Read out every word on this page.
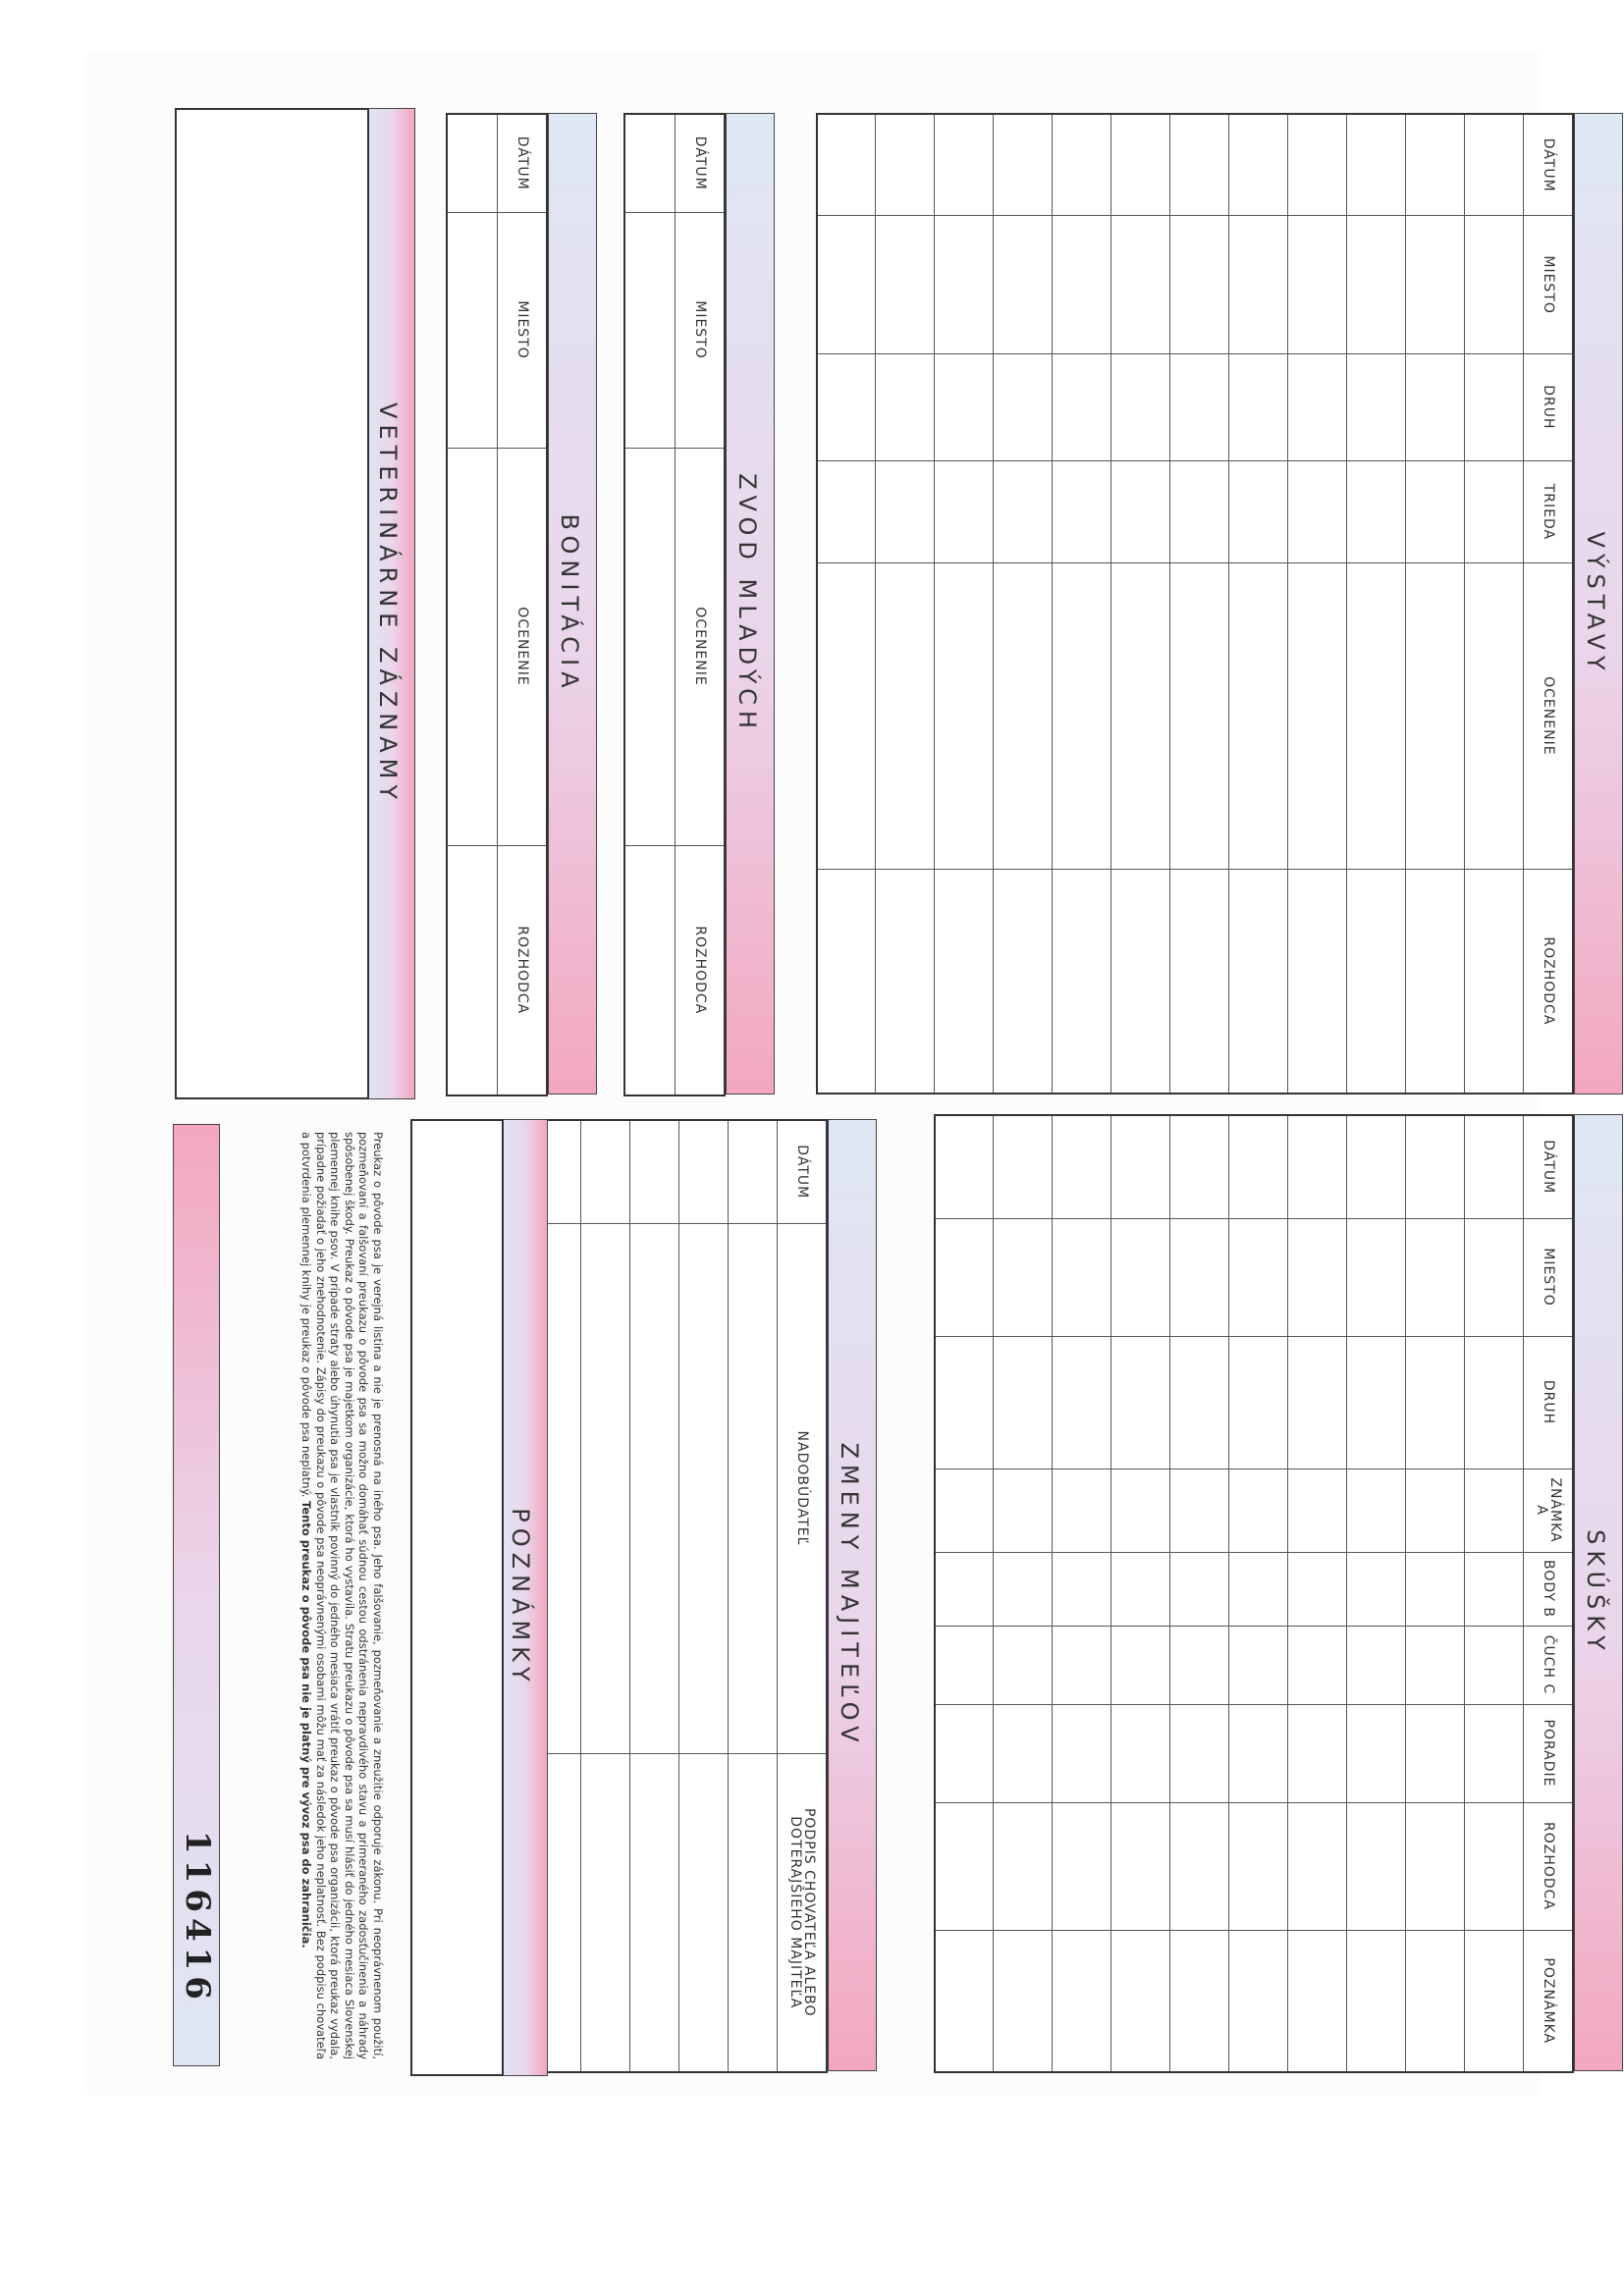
VÝSTAVY
DÁTUM	MIESTO	DRUH	TRIEDA	OCENENIE	ROZHODCA

SKÚŠKY
DÁTUM	MIESTO	DRUH	ZNÁMKA A	BODY B	ČUCH C	PORADIE	ROZHODCA	POZNÁMKA

ZVOD MLADÝCH
DÁTUM	MIESTO	OCENENIE	ROZHODCA

BONITÁCIA
DÁTUM	MIESTO	OCENENIE	ROZHODCA

VETERINÁRNE ZÁZNAMY
ZMENY MAJITEĽOV
DÁTUM	NADOBÚDATEĽ	PODPIS CHOVATEĽA ALEBO DOTERAJŠIEHO MAJITEĽA

POZNÁMKY
Preukaz o pôvode psa je verejná listina a nie je prenosná na iného psa. Jeho falšovanie, pozmeňovanie a zneužitie odporuje zákonu. Pri neoprávnenom použití, pozmeňovaní a falšovaní preukazu o pôvode psa sa možno domáhať súdnou cestou odstránenia nepravdivého stavu a primeraného zadosťučinenia a náhrady spôsobenej škody. Preukaz o pôvode psa je majetkom organizácie, ktorá ho vystavila. Stratu preukazu o pôvode psa sa musí hlásiť do jedného mesiaca Slovenskej plemennej knihe psov. V prípade straty alebo úhynutia psa je vlastník povinný do jedného mesiaca vrátiť preukaz o pôvode psa organizácii, ktorá preukaz vydala, prípadne požiadať o jeho znehodnotenie. Zápisy do preukazu o pôvode psa neoprávnenými osobami môžu mať za následok jeho neplatnosť. Bez podpisu chovateľa a potvrdenia plemennej knihy je preukaz o pôvode psa neplatný. Tento preukaz o pôvode psa nie je platný pre vývoz psa do zahraničia.
116416
